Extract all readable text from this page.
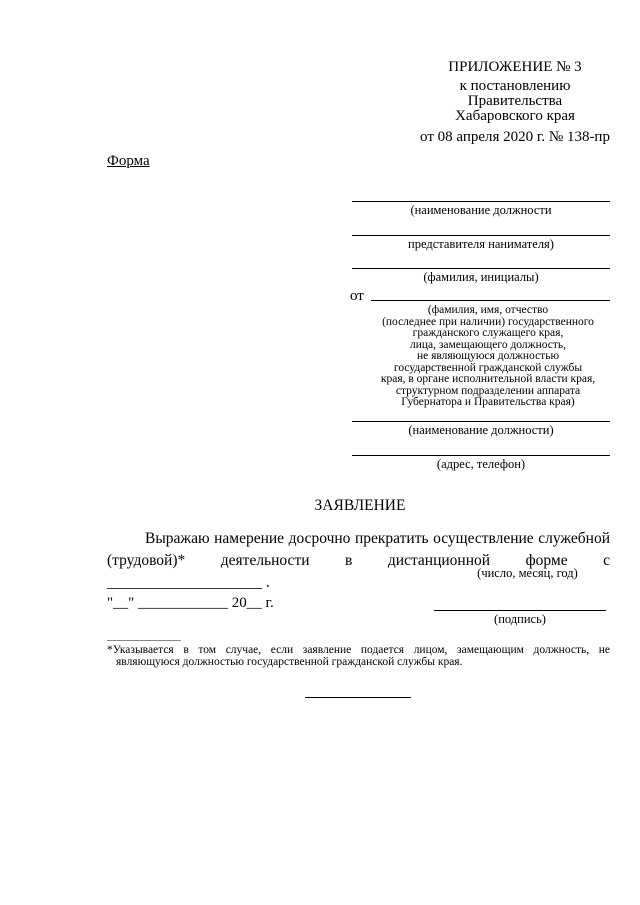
ПРИЛОЖЕНИЕ № 3
к постановлению
Правительства
Хабаровского края
от 08 апреля 2020 г. № 138-пр
Форма
(наименование должности
представителя нанимателя)
(фамилия, инициалы)
от
(фамилия, имя, отчество
(последнее при наличии) государственного
гражданского служащего края,
лица, замещающего должность,
не являющуюся должностью
государственной гражданской службы
края, в органе исполнительной власти края,
структурном подразделении аппарата
Губернатора и Правительства края)
(наименование должности)
(адрес, телефон)
ЗАЯВЛЕНИЕ
Выражаю намерение досрочно прекратить осуществление служебной
(трудовой)* деятельности в дистанционной форме с ____________________ .
(число, месяц, год)
"__" ____________ 20__ г.
(подпись)
*Указывается в том случае, если заявление подается лицом, замещающим должность, не
являющуюся должностью государственной гражданской службы края.
